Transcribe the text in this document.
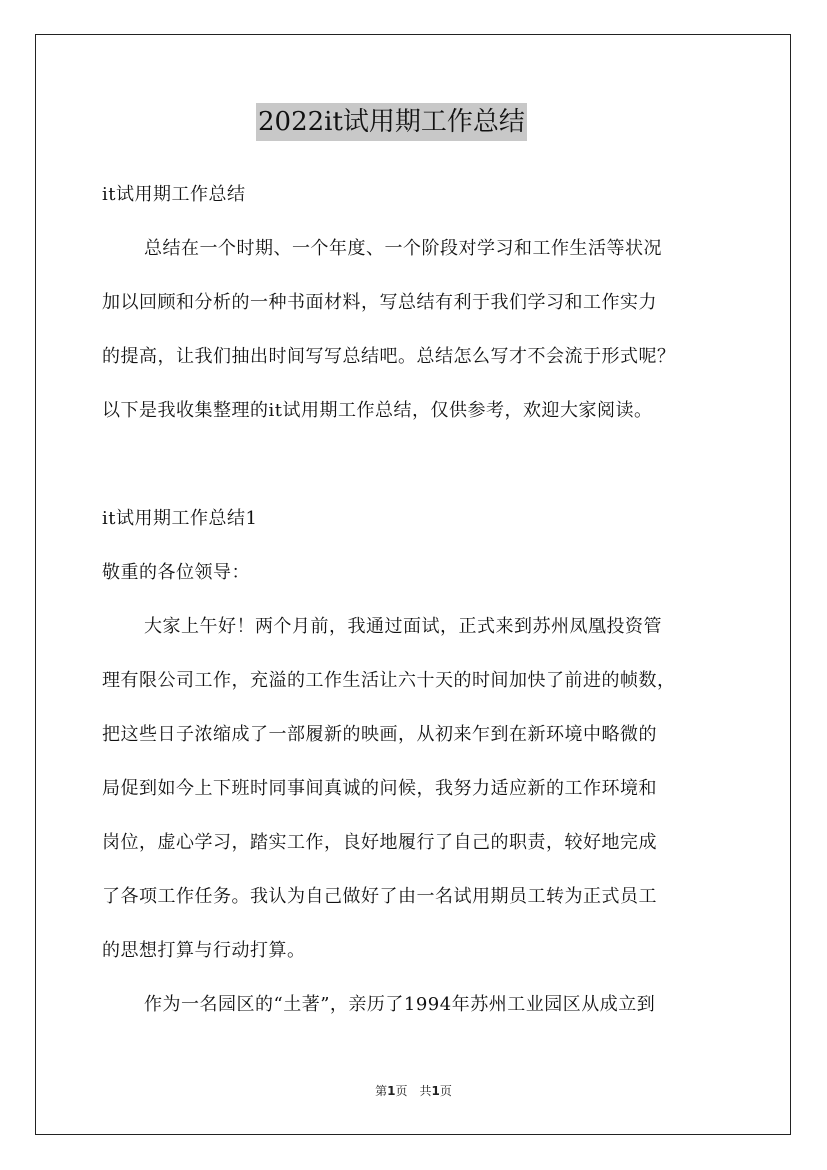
2022it试用期工作总结
it试用期工作总结
总结在一个时期、一个年度、一个阶段对学习和工作生活等状况
加以回顾和分析的一种书面材料，写总结有利于我们学习和工作实力
的提高，让我们抽出时间写写总结吧。总结怎么写才不会流于形式呢？
以下是我收集整理的it试用期工作总结，仅供参考，欢迎大家阅读。
it试用期工作总结1
敬重的各位领导：
大家上午好！两个月前，我通过面试，正式来到苏州凤凰投资管
理有限公司工作，充溢的工作生活让六十天的时间加快了前进的帧数，
把这些日子浓缩成了一部履新的映画，从初来乍到在新环境中略微的
局促到如今上下班时同事间真诚的问候，我努力适应新的工作环境和
岗位，虚心学习，踏实工作，良好地履行了自己的职责，较好地完成
了各项工作任务。我认为自己做好了由一名试用期员工转为正式员工
的思想打算与行动打算。
作为一名园区的“土著”，亲历了1994年苏州工业园区从成立到
第1页　共1页
